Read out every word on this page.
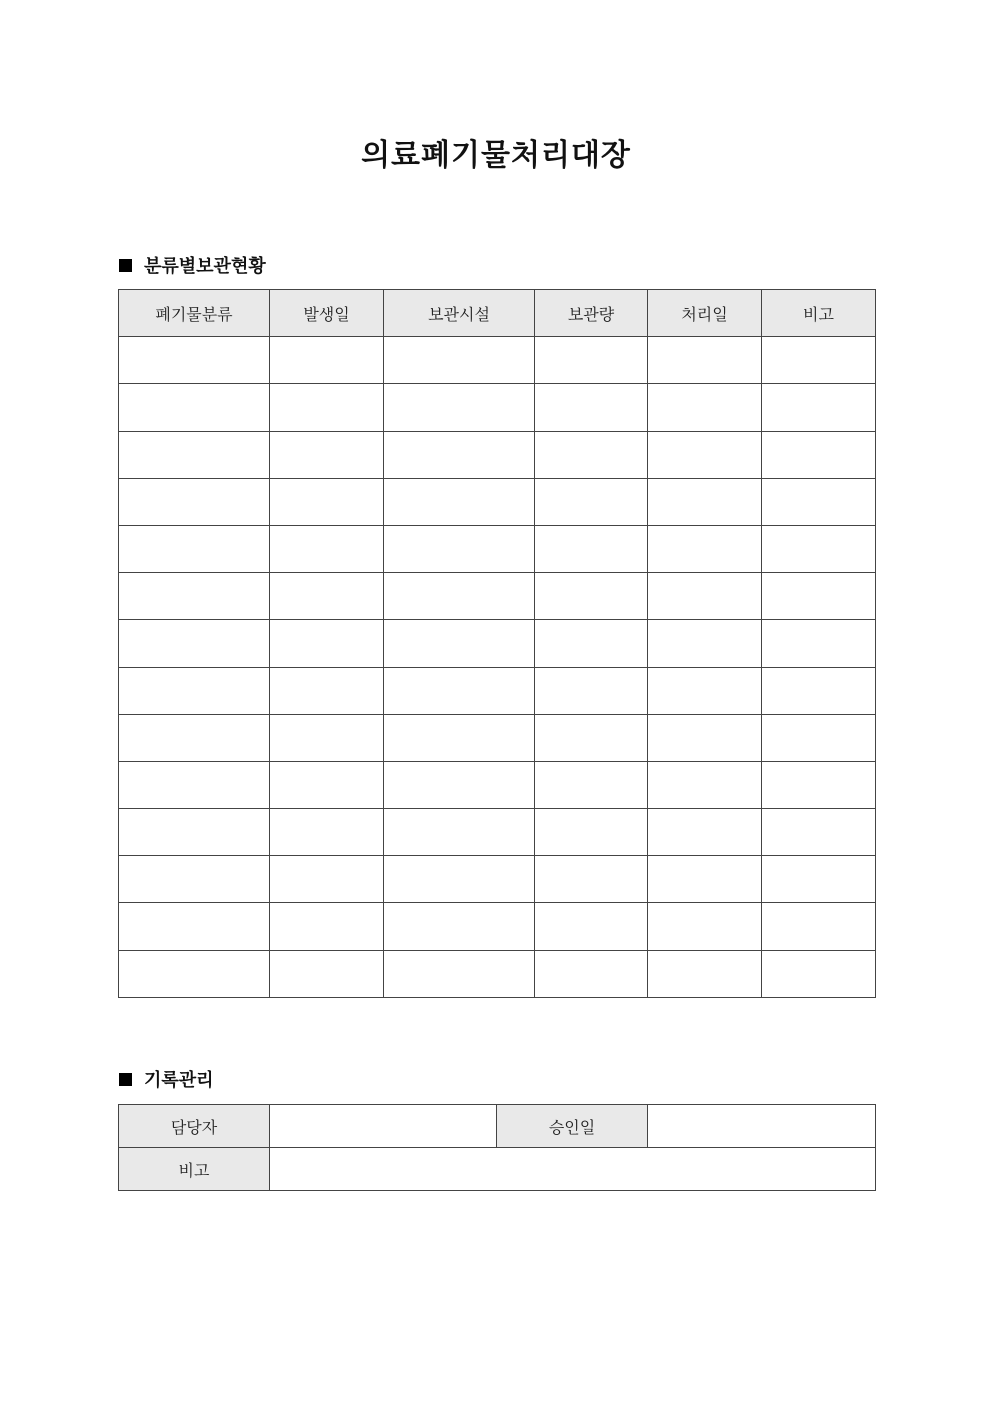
의료폐기물처리대장
분류별보관현황
폐기물분류	발생일	보관시설	보관량	처리일	비고

기록관리
담당자		승인일	
비고			
